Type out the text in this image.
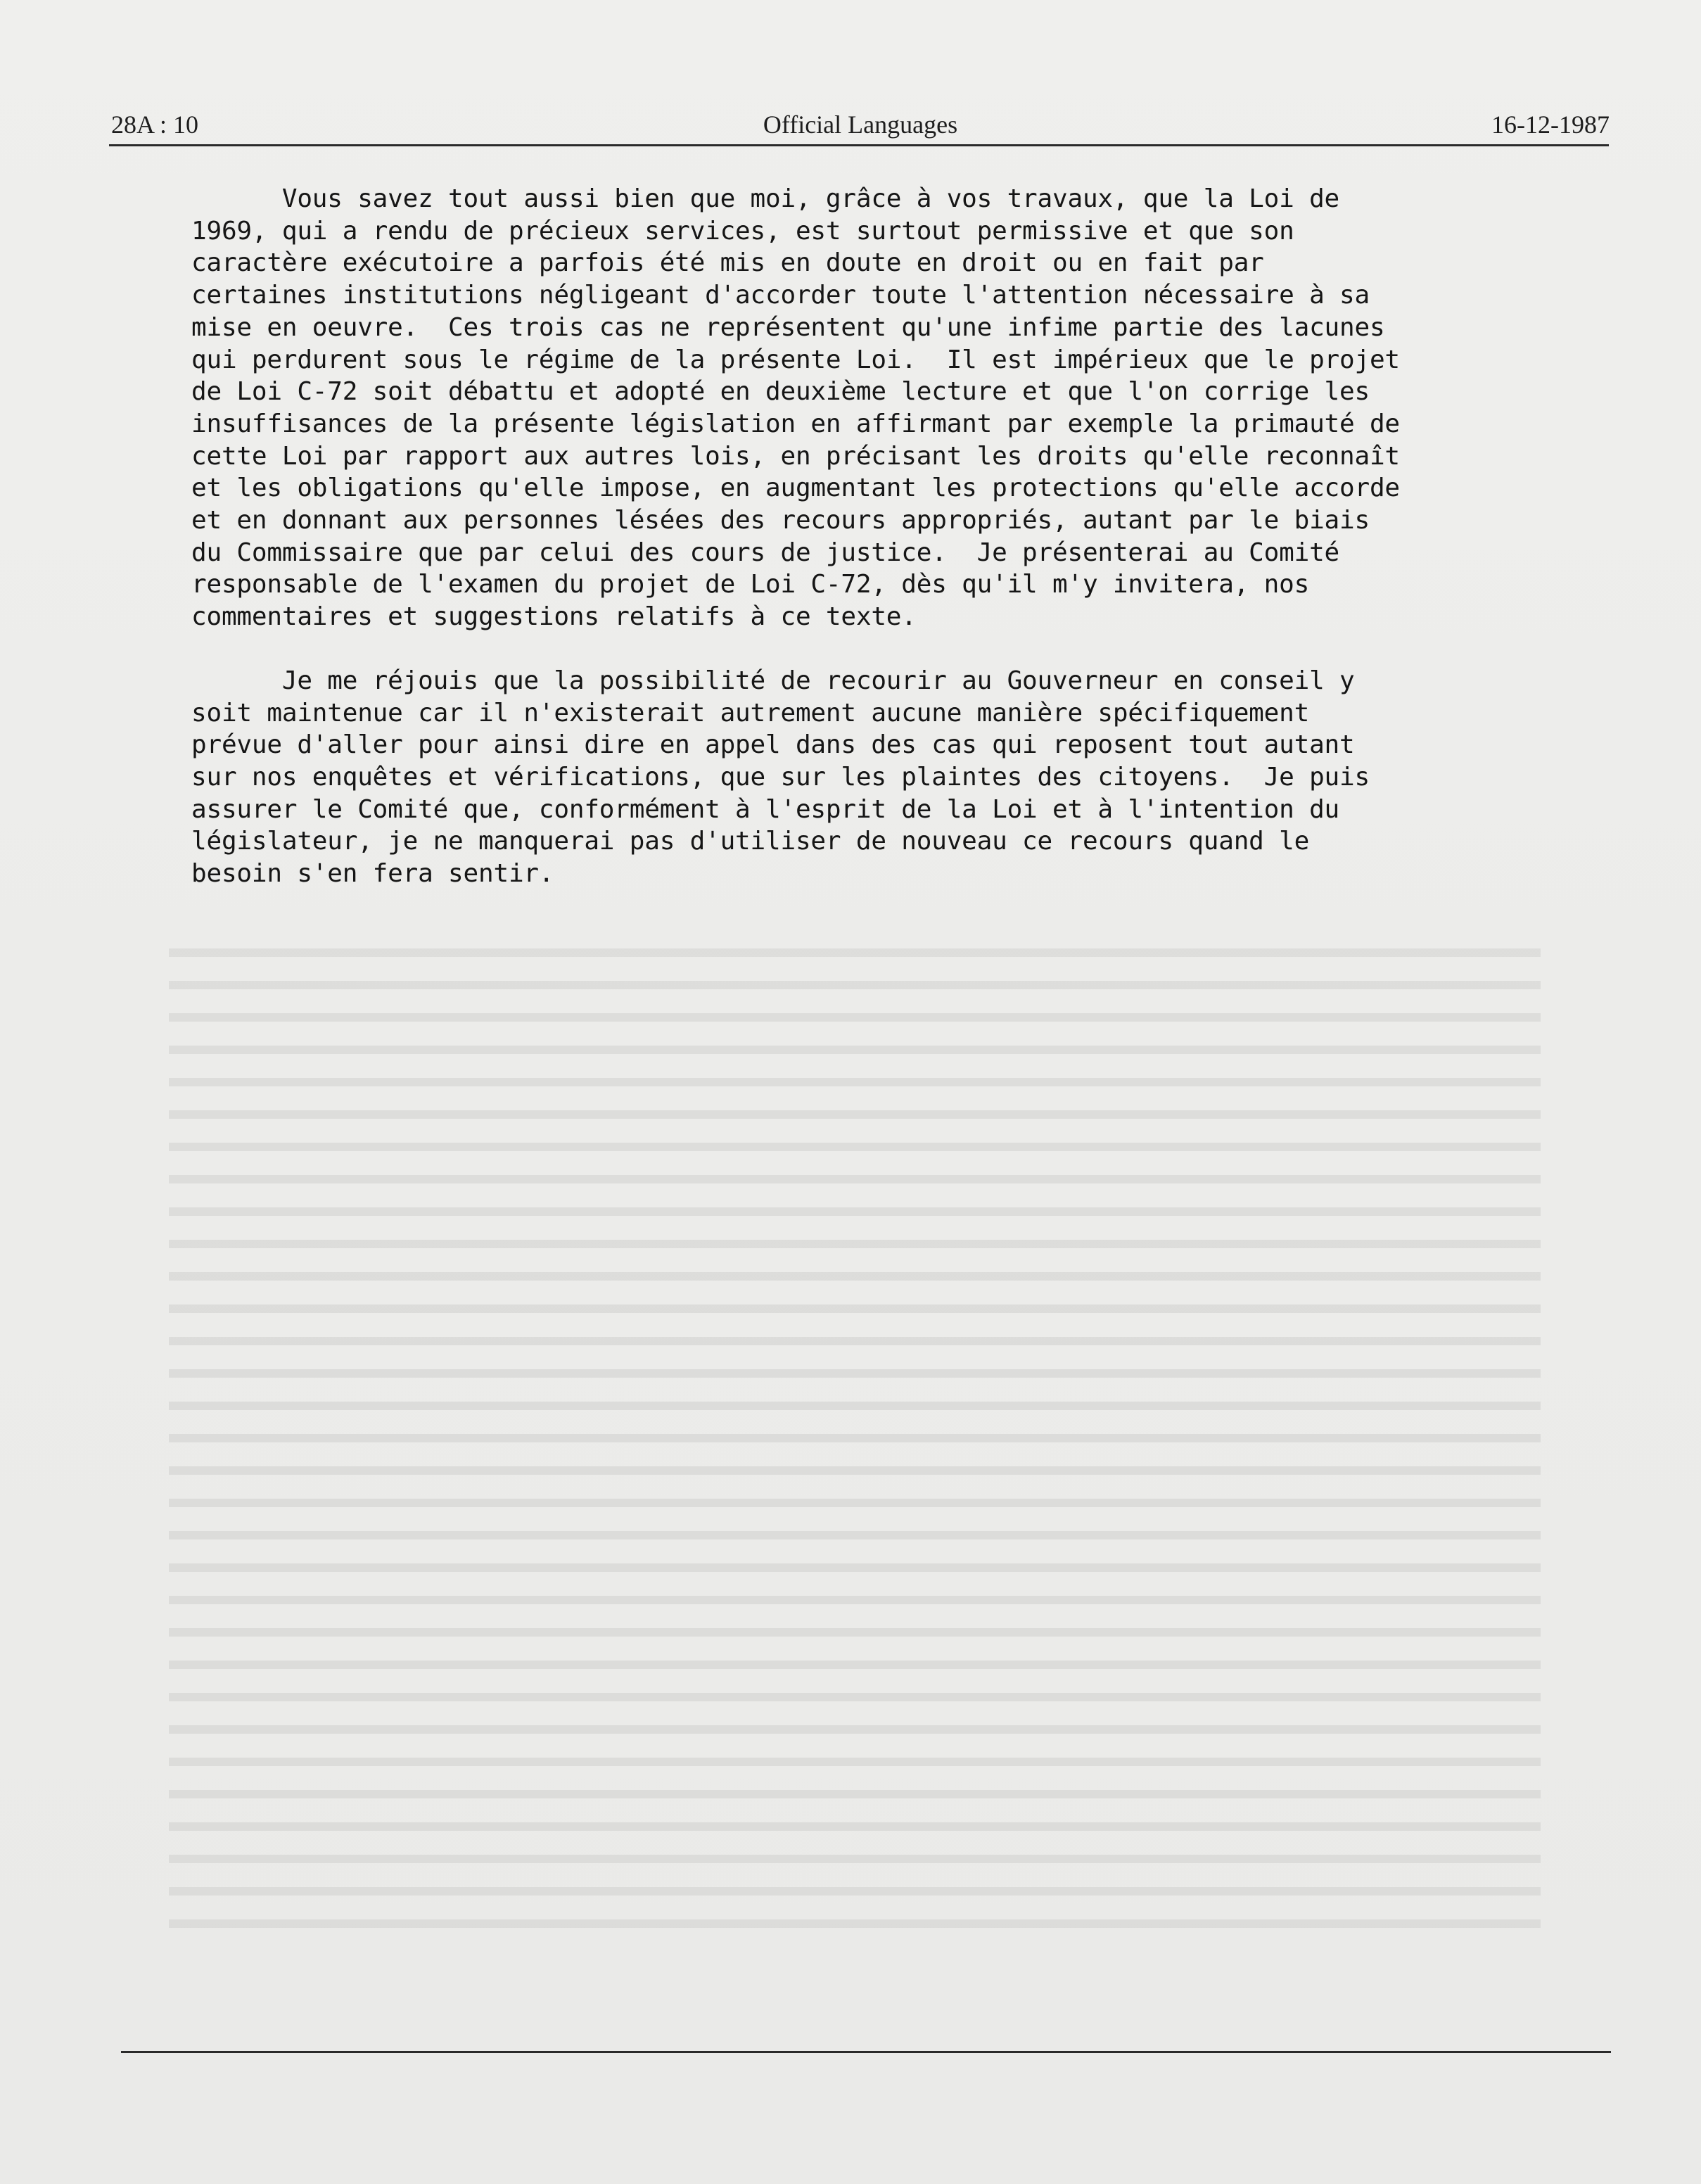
28A : 10	Official Languages	16-12-1987

Vous savez tout aussi bien que moi, grâce à vos travaux, que la Loi de
1969, qui a rendu de précieux services, est surtout permissive et que son
caractère exécutoire a parfois été mis en doute en droit ou en fait par
certaines institutions négligeant d'accorder toute l'attention nécessaire à sa
mise en oeuvre.  Ces trois cas ne représentent qu'une infime partie des lacunes
qui perdurent sous le régime de la présente Loi.  Il est impérieux que le projet
de Loi C-72 soit débattu et adopté en deuxième lecture et que l'on corrige les
insuffisances de la présente législation en affirmant par exemple la primauté de
cette Loi par rapport aux autres lois, en précisant les droits qu'elle reconnaît
et les obligations qu'elle impose, en augmentant les protections qu'elle accorde
et en donnant aux personnes lésées des recours appropriés, autant par le biais
du Commissaire que par celui des cours de justice.  Je présenterai au Comité
responsable de l'examen du projet de Loi C-72, dès qu'il m'y invitera, nos
commentaires et suggestions relatifs à ce texte.

Je me réjouis que la possibilité de recourir au Gouverneur en conseil y
soit maintenue car il n'existerait autrement aucune manière spécifiquement
prévue d'aller pour ainsi dire en appel dans des cas qui reposent tout autant
sur nos enquêtes et vérifications, que sur les plaintes des citoyens.  Je puis
assurer le Comité que, conformément à l'esprit de la Loi et à l'intention du
législateur, je ne manquerai pas d'utiliser de nouveau ce recours quand le
besoin s'en fera sentir.
